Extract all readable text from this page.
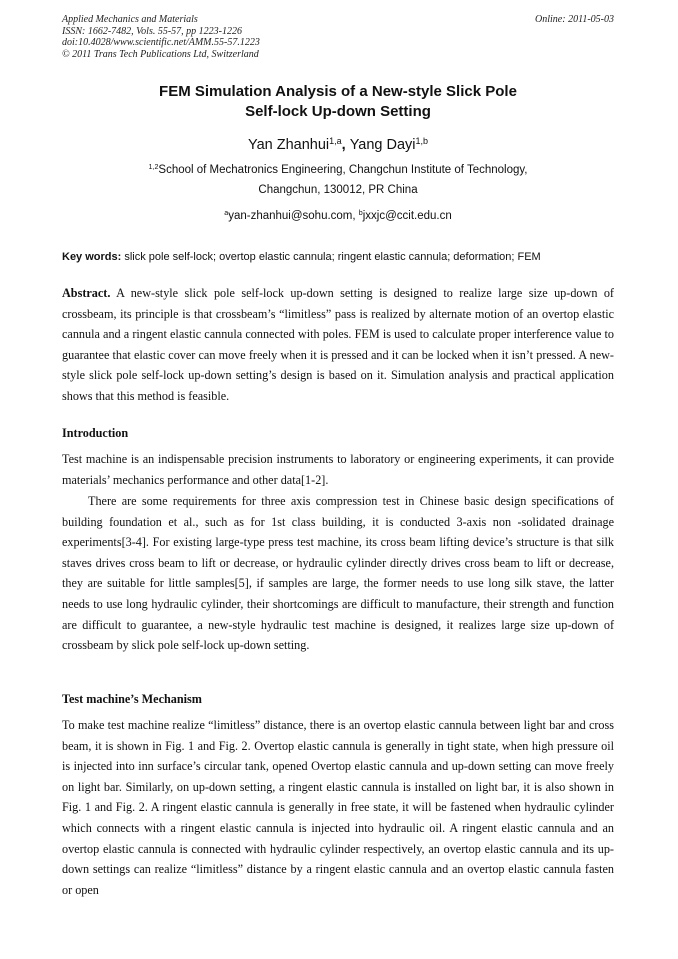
Applied Mechanics and Materials
ISSN: 1662-7482, Vols. 55-57, pp 1223-1226
doi:10.4028/www.scientific.net/AMM.55-57.1223
© 2011 Trans Tech Publications Ltd, Switzerland
Online: 2011-05-03
FEM Simulation Analysis of a New-style Slick Pole
Self-lock Up-down Setting
Yan Zhanhui$^{1,a}$, Yang Dayi$^{1,b}$
$^{1,2}$School of Mechatronics Engineering, Changchun Institute of Technology,
Changchun, 130012, PR China
$^a$yan-zhanhui@sohu.com, $^b$jxxjc@ccit.edu.cn
Key words: slick pole self-lock; overtop elastic cannula; ringent elastic cannula; deformation; FEM

Abstract. A new-style slick pole self-lock up-down setting is designed to realize large size up-down of crossbeam, its principle is that crossbeam’s “limitless” pass is realized by alternate motion of an overtop elastic cannula and a ringent elastic cannula connected with poles. FEM is used to calculate proper interference value to guarantee that elastic cover can move freely when it is pressed and it can be locked when it isn’t pressed. A new-style slick pole self-lock up-down setting’s design is based on it. Simulation analysis and practical application shows that this method is feasible.

Introduction

Test machine is an indispensable precision instruments to laboratory or engineering experiments, it can provide materials’ mechanics performance and other data[1-2].

There are some requirements for three axis compression test in Chinese basic design specifications of building foundation et al., such as for 1st class building, it is conducted 3-axis non -solidated drainage experiments[3-4]. For existing large-type press test machine, its cross beam lifting device’s structure is that silk staves drives cross beam to lift or decrease, or hydraulic cylinder directly drives cross beam to lift or decrease, they are suitable for little samples[5], if samples are large, the former needs to use long silk stave, the latter needs to use long hydraulic cylinder, their shortcomings are difficult to manufacture, their strength and function are difficult to guarantee, a new-style hydraulic test machine is designed, it realizes large size up-down of crossbeam by slick pole self-lock up-down setting.

Test machine’s Mechanism

To make test machine realize “limitless” distance, there is an overtop elastic cannula between light bar and cross beam, it is shown in Fig. 1 and Fig. 2. Overtop elastic cannula is generally in tight state, when high pressure oil is injected into inn surface’s circular tank, opened Overtop elastic cannula and up-down setting can move freely on light bar. Similarly, on up-down setting, a ringent elastic cannula is installed on light bar, it is also shown in Fig. 1 and Fig. 2. A ringent elastic cannula is generally in free state, it will be fastened when hydraulic cylinder which connects with a ringent elastic cannula is injected into hydraulic oil. A ringent elastic cannula and an overtop elastic cannula is connected with hydraulic cylinder respectively, an overtop elastic cannula and its up-down settings can realize “limitless” distance by a ringent elastic cannula and an overtop elastic cannula fasten or open
